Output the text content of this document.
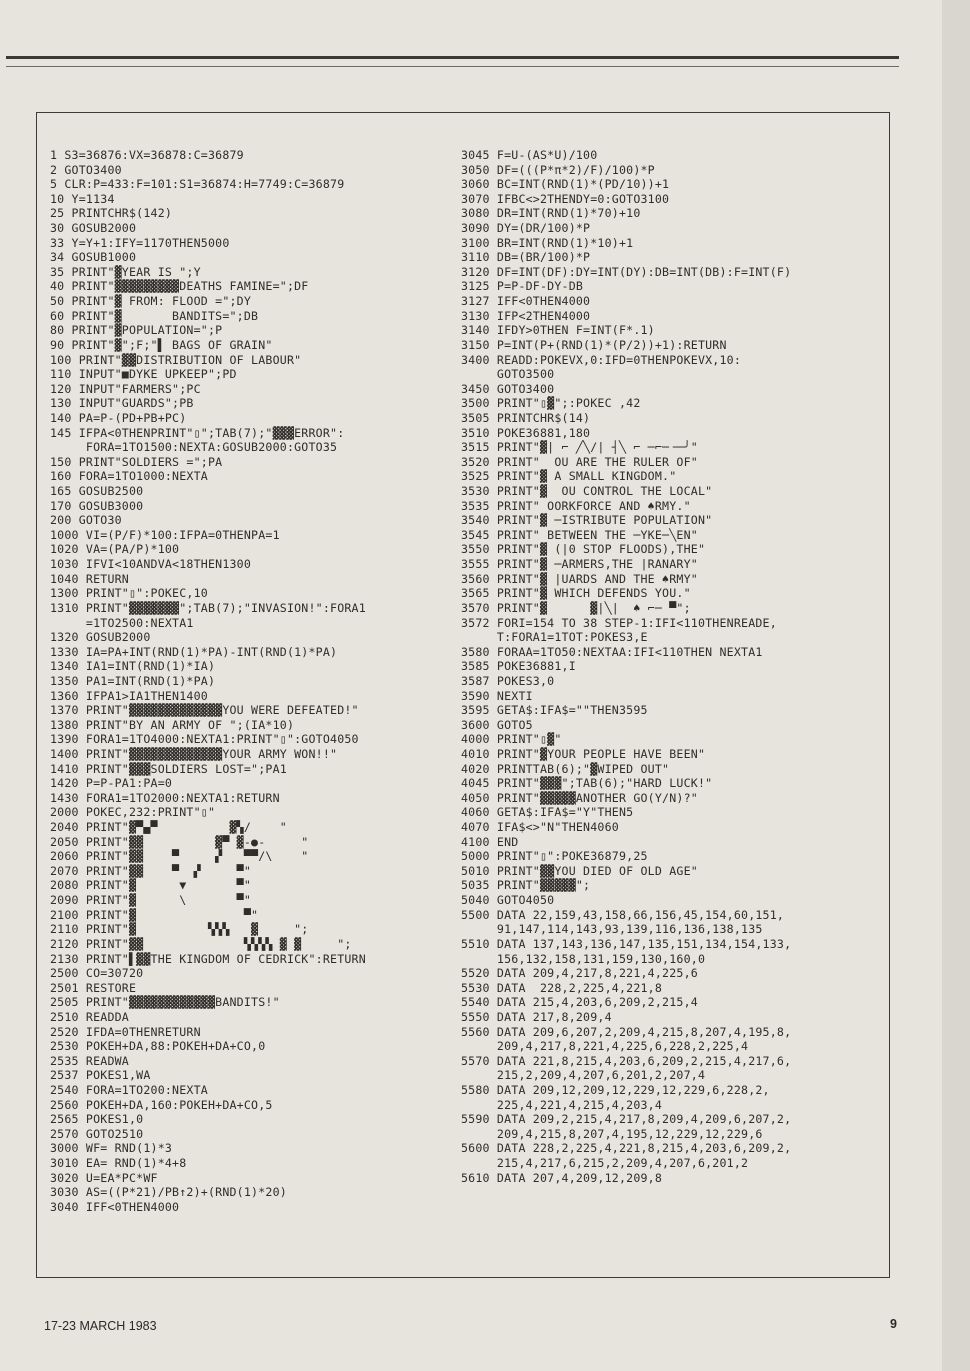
1 S3=36876:VX=36878:C=36879
2 GOTO3400
5 CLR:P=433:F=101:S1=36874:H=7749:C=36879
10 Y=1134
25 PRINTCHR$(142)
30 GOSUB2000
33 Y=Y+1:IFY=1170THEN5000
34 GOSUB1000
35 PRINT"▓YEAR IS ";Y
40 PRINT"▓▓▓▓▓▓▓▓▓DEATHS FAMINE=";DF
50 PRINT"▓ FROM: FLOOD =";DY
60 PRINT"▓       BANDITS=";DB
80 PRINT"▓POPULATION=";P
90 PRINT"▓";F;"▌ BAGS OF GRAIN"
100 PRINT"▓▓DISTRIBUTION OF LABOUR"
110 INPUT"■DYKE UPKEEP";PD
120 INPUT"FARMERS";PC
130 INPUT"GUARDS";PB
140 PA=P-(PD+PB+PC)
145 IFPA<0THENPRINT"▯";TAB(7);"▓▓▓ERROR":
FORA=1TO1500:NEXTA:GOSUB2000:GOTO35
150 PRINT"SOLDIERS =";PA
160 FORA=1TO1000:NEXTA
165 GOSUB2500
170 GOSUB3000
200 GOTO30
1000 VI=(P/F)*100:IFPA=0THENPA=1
1020 VA=(PA/P)*100
1030 IFVI<10ANDVA<18THEN1300
1040 RETURN
1300 PRINT"▯":POKEC,10
1310 PRINT"▓▓▓▓▓▓▓";TAB(7);"INVASION!":FORA1
=1TO2500:NEXTA1
1320 GOSUB2000
1330 IA=PA+INT(RND(1)*PA)-INT(RND(1)*PA)
1340 IA1=INT(RND(1)*IA)
1350 PA1=INT(RND(1)*PA)
1360 IFPA1>IA1THEN1400
1370 PRINT"▓▓▓▓▓▓▓▓▓▓▓▓▓YOU WERE DEFEATED!"
1380 PRINT"BY AN ARMY OF ";(IA*10)
1390 FORA1=1TO4000:NEXTA1:PRINT"▯":GOTO4050
1400 PRINT"▓▓▓▓▓▓▓▓▓▓▓▓▓YOUR ARMY WON!!"
1410 PRINT"▓▓▓SOLDIERS LOST=";PA1
1420 P=P-PA1:PA=0
1430 FORA1=1TO2000:NEXTA1:RETURN
2000 POKEC,232:PRINT"▯"
2040 PRINT"▓▀▄▀          ▓▚/    "
2050 PRINT"▓▓          ▓▀ ▓-●-     "
2060 PRINT"▓▓    ▀     ▞   ▀▀/\    "
2070 PRINT"▓▓    ▀  ▞     ▀"
2080 PRINT"▓      ▼       ▀"
2090 PRINT"▓      \       ▀"
2100 PRINT"▓               ▀"
2110 PRINT"▓          ▚▚▚   ▓     ";
2120 PRINT"▓▓              ▚▚▚▚ ▓ ▓     ";
2130 PRINT"▌▓▓THE KINGDOM OF CEDRICK":RETURN
2500 CO=30720
2501 RESTORE
2505 PRINT"▓▓▓▓▓▓▓▓▓▓▓▓BANDITS!"
2510 READDA
2520 IFDA=0THENRETURN
2530 POKEH+DA,88:POKEH+DA+CO,0
2535 READWA
2537 POKES1,WA
2540 FORA=1TO200:NEXTA
2560 POKEH+DA,160:POKEH+DA+CO,5
2565 POKES1,0
2570 GOTO2510
3000 WF= RND(1)*3
3010 EA= RND(1)*4+8
3020 U=EA*PC*WF
3030 AS=((P*21)/PB↑2)+(RND(1)*20)
3040 IFF<0THEN4000
3045 F=U-(AS*U)/100
3050 DF=(((P*π*2)/F)/100)*P
3060 BC=INT(RND(1)*(PD/10))+1
3070 IFBC<>2THENDY=0:GOTO3100
3080 DR=INT(RND(1)*70)+10
3090 DY=(DR/100)*P
3100 BR=INT(RND(1)*10)+1
3110 DB=(BR/100)*P
3120 DF=INT(DF):DY=INT(DY):DB=INT(DB):F=INT(F)
3125 P=P-DF-DY-DB
3127 IFF<0THEN4000
3130 IFP<2THEN4000
3140 IFDY>0THEN F=INT(F*.1)
3150 P=INT(P+(RND(1)*(P/2))+1):RETURN
3400 READD:POKEVX,0:IFD=0THENPOKEVX,10:
GOTO3500
3450 GOTO3400
3500 PRINT"▯▓";:POKEC ,42
3505 PRINTCHR$(14)
3510 POKE36881,180
3515 PRINT"▓| ⌐ ╱╲/| ┤╲ ⌐ ─⌐─╶─╯"
3520 PRINT"  OU ARE THE RULER OF"
3525 PRINT"▓ A SMALL KINGDOM."
3530 PRINT"▓  OU CONTROL THE LOCAL"
3535 PRINT" OORKFORCE AND ♠RMY."
3540 PRINT"▓ ─ISTRIBUTE POPULATION"
3545 PRINT" BETWEEN THE ─YKE─╲EN"
3550 PRINT"▓ (|0 STOP FLOODS),THE"
3555 PRINT"▓ ─ARMERS,THE |RANARY"
3560 PRINT"▓ |UARDS AND THE ♠RMY"
3565 PRINT"▓ WHICH DEFENDS YOU."
3570 PRINT"▓      ▓|╲|  ♠ ⌐─ ▀";
3572 FORI=154 TO 38 STEP-1:IFI<110THENREADE,
T:FORA1=1TOT:POKES3,E
3580 FORAA=1TO50:NEXTAA:IFI<110THEN NEXTA1
3585 POKE36881,I
3587 POKES3,0
3590 NEXTI
3595 GETA$:IFA$=""THEN3595
3600 GOTO5
4000 PRINT"▯▓"
4010 PRINT"▓YOUR PEOPLE HAVE BEEN"
4020 PRINTTAB(6);"▓WIPED OUT"
4045 PRINT"▓▓▓";TAB(6);"HARD LUCK!"
4050 PRINT"▓▓▓▓▓ANOTHER GO(Y/N)?"
4060 GETA$:IFA$="Y"THEN5
4070 IFA$<>"N"THEN4060
4100 END
5000 PRINT"▯":POKE36879,25
5010 PRINT"▓▓YOU DIED OF OLD AGE"
5035 PRINT"▓▓▓▓▓";
5040 GOTO4050
5500 DATA 22,159,43,158,66,156,45,154,60,151,
91,147,114,143,93,139,116,136,138,135
5510 DATA 137,143,136,147,135,151,134,154,133,
156,132,158,131,159,130,160,0
5520 DATA 209,4,217,8,221,4,225,6
5530 DATA  228,2,225,4,221,8
5540 DATA 215,4,203,6,209,2,215,4
5550 DATA 217,8,209,4
5560 DATA 209,6,207,2,209,4,215,8,207,4,195,8,
209,4,217,8,221,4,225,6,228,2,225,4
5570 DATA 221,8,215,4,203,6,209,2,215,4,217,6,
215,2,209,4,207,6,201,2,207,4
5580 DATA 209,12,209,12,229,12,229,6,228,2,
225,4,221,4,215,4,203,4
5590 DATA 209,2,215,4,217,8,209,4,209,6,207,2,
209,4,215,8,207,4,195,12,229,12,229,6
5600 DATA 228,2,225,4,221,8,215,4,203,6,209,2,
215,4,217,6,215,2,209,4,207,6,201,2
5610 DATA 207,4,209,12,209,8
17-23 MARCH 1983	9
